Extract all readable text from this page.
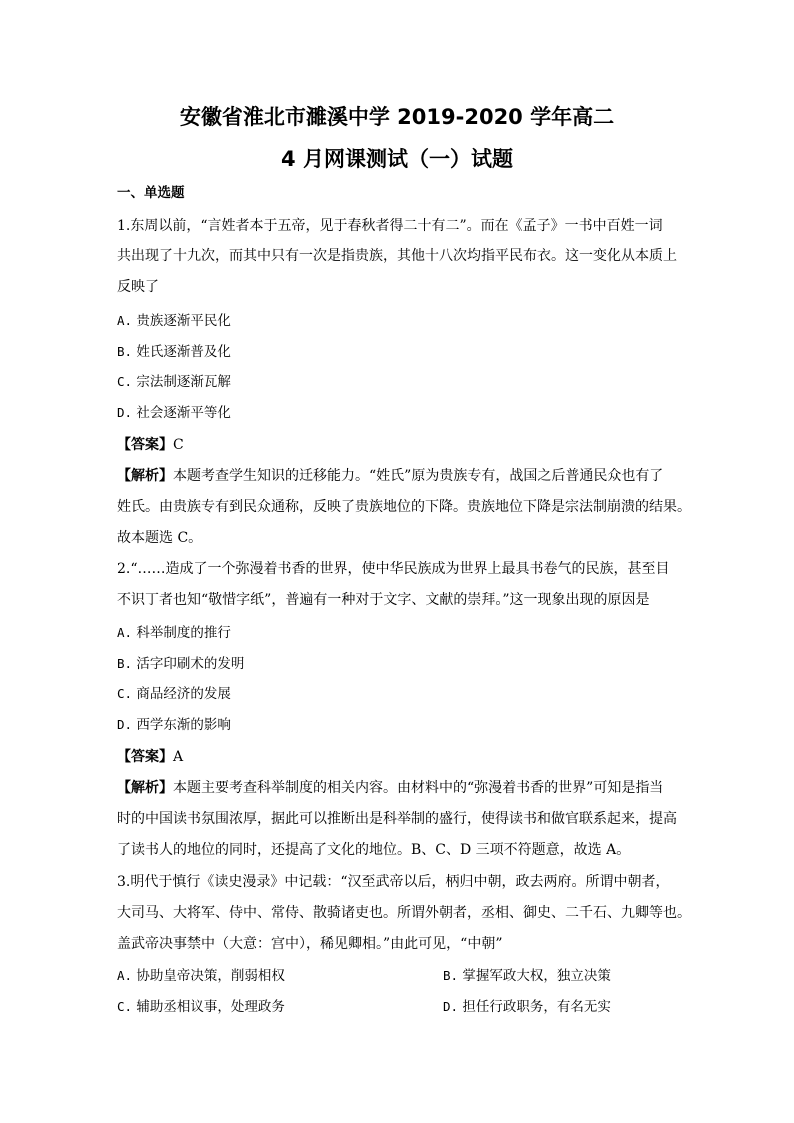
安徽省淮北市濉溪中学 2019-2020 学年高二
4 月网课测试（一）试题
一、单选题
1.东周以前，“言姓者本于五帝，见于春秋者得二十有二”。而在《孟子》一书中百姓一词
共出现了十九次，而其中只有一次是指贵族，其他十八次均指平民布衣。这一变化从本质上
反映了
A. 贵族逐渐平民化
B. 姓氏逐渐普及化
C. 宗法制逐渐瓦解
D. 社会逐渐平等化
【答案】C
【解析】本题考查学生知识的迁移能力。“姓氏”原为贵族专有，战国之后普通民众也有了
姓氏。由贵族专有到民众通称，反映了贵族地位的下降。贵族地位下降是宗法制崩溃的结果。
故本题选 C。
2.“……造成了一个弥漫着书香的世界，使中华民族成为世界上最具书卷气的民族，甚至目
不识丁者也知“敬惜字纸”，普遍有一种对于文字、文献的崇拜。”这一现象出现的原因是
A. 科举制度的推行
B. 活字印刷术的发明
C. 商品经济的发展
D. 西学东渐的影响
【答案】A
【解析】本题主要考查科举制度的相关内容。由材料中的“弥漫着书香的世界”可知是指当
时的中国读书氛围浓厚，据此可以推断出是科举制的盛行，使得读书和做官联系起来，提高
了读书人的地位的同时，还提高了文化的地位。B、C、D 三项不符题意，故选 A。
3.明代于慎行《读史漫录》中记载：“汉至武帝以后，柄归中朝，政去两府。所谓中朝者，
大司马、大将军、侍中、常侍、散骑诸吏也。所谓外朝者，丞相、御史、二千石、九卿等也。
盖武帝决事禁中（大意：宫中），稀见卿相。”由此可见，“中朝”
A. 协助皇帝决策，削弱相权	B. 掌握军政大权，独立决策
C. 辅助丞相议事，处理政务	D. 担任行政职务，有名无实
